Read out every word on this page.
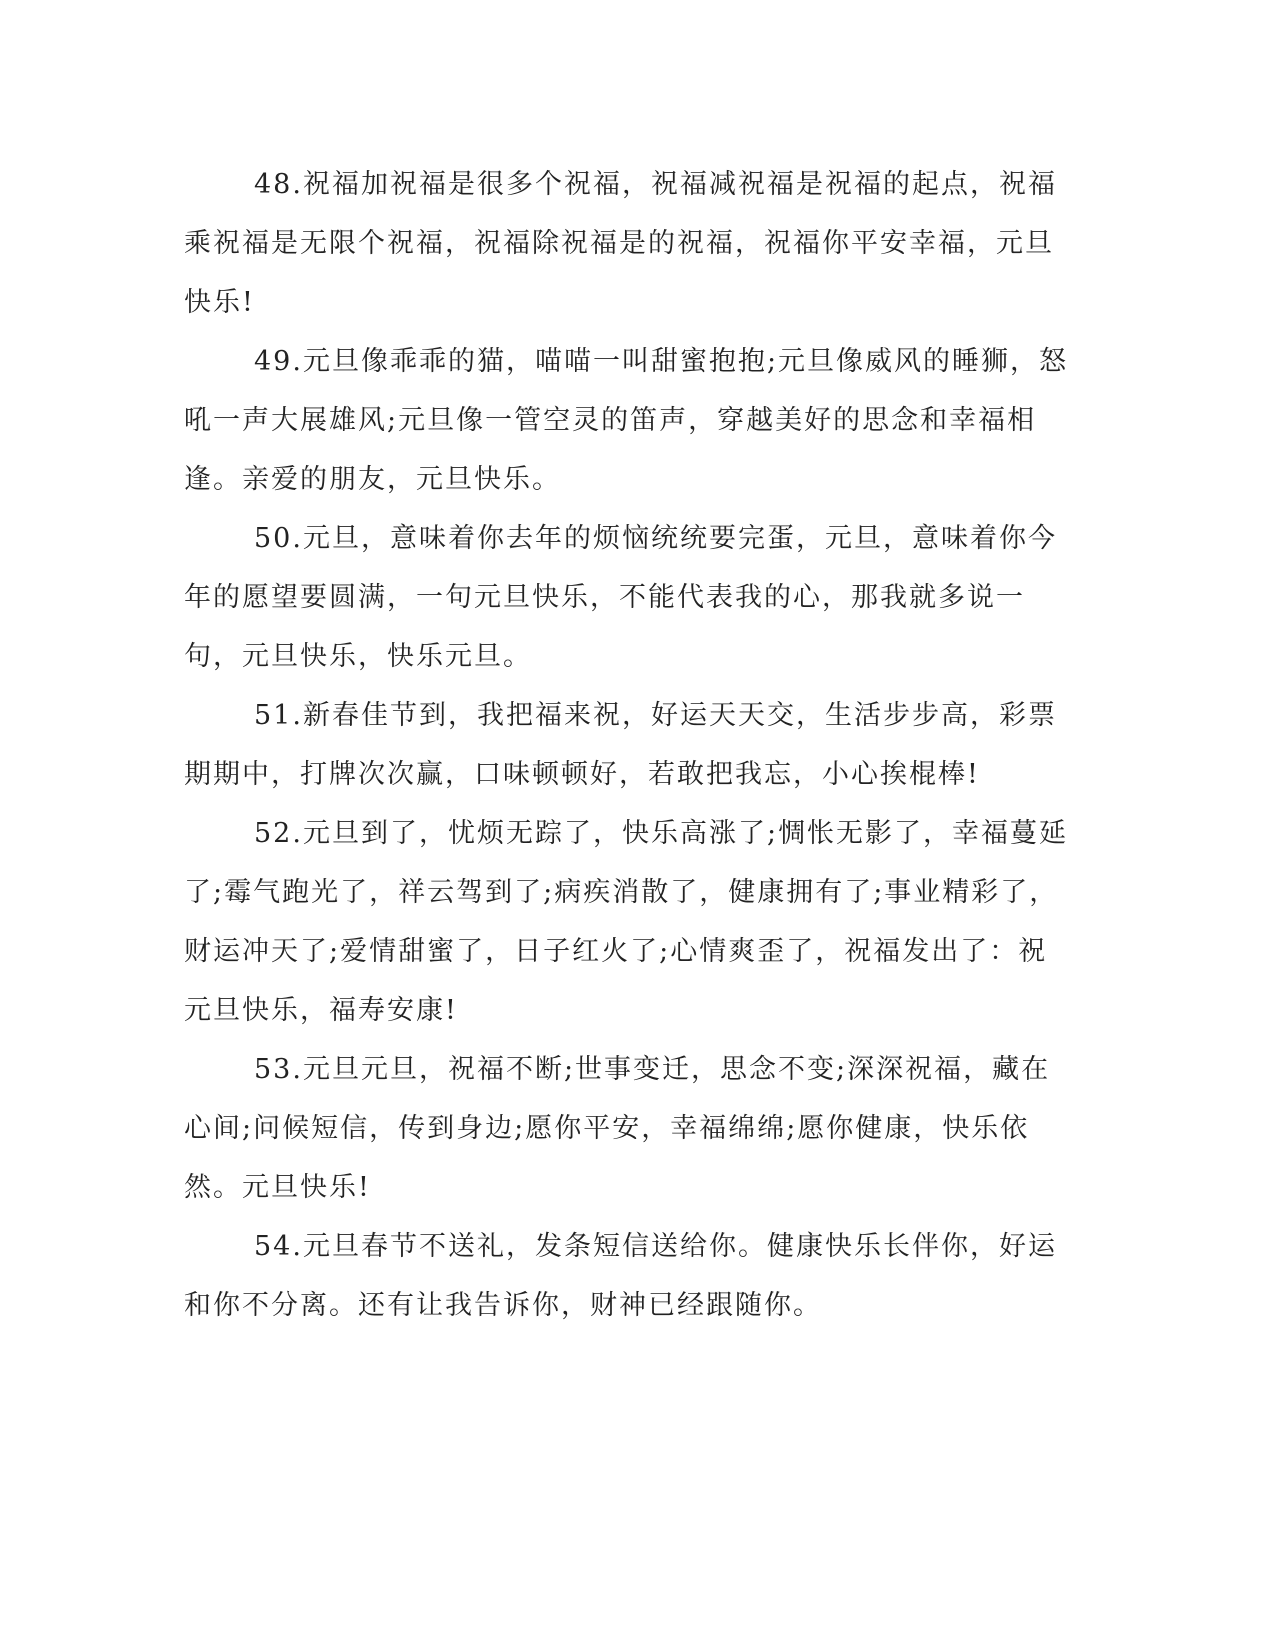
48.祝福加祝福是很多个祝福，祝福减祝福是祝福的起点，祝福乘祝福是无限个祝福，祝福除祝福是的祝福，祝福你平安幸福，元旦快乐!

49.元旦像乖乖的猫，喵喵一叫甜蜜抱抱;元旦像威风的睡狮，怒吼一声大展雄风;元旦像一管空灵的笛声，穿越美好的思念和幸福相逢。亲爱的朋友，元旦快乐。

50.元旦，意味着你去年的烦恼统统要完蛋，元旦，意味着你今年的愿望要圆满，一句元旦快乐，不能代表我的心，那我就多说一句，元旦快乐，快乐元旦。

51.新春佳节到，我把福来祝，好运天天交，生活步步高，彩票期期中，打牌次次赢，口味顿顿好，若敢把我忘，小心挨棍棒!

52.元旦到了，忧烦无踪了，快乐高涨了;惆怅无影了，幸福蔓延了;霉气跑光了，祥云驾到了;病疾消散了，健康拥有了;事业精彩了，财运冲天了;爱情甜蜜了，日子红火了;心情爽歪了，祝福发出了：祝元旦快乐，福寿安康!

53.元旦元旦，祝福不断;世事变迁，思念不变;深深祝福，藏在心间;问候短信，传到身边;愿你平安，幸福绵绵;愿你健康，快乐依然。元旦快乐!

54.元旦春节不送礼，发条短信送给你。健康快乐长伴你，好运和你不分离。还有让我告诉你，财神已经跟随你。
